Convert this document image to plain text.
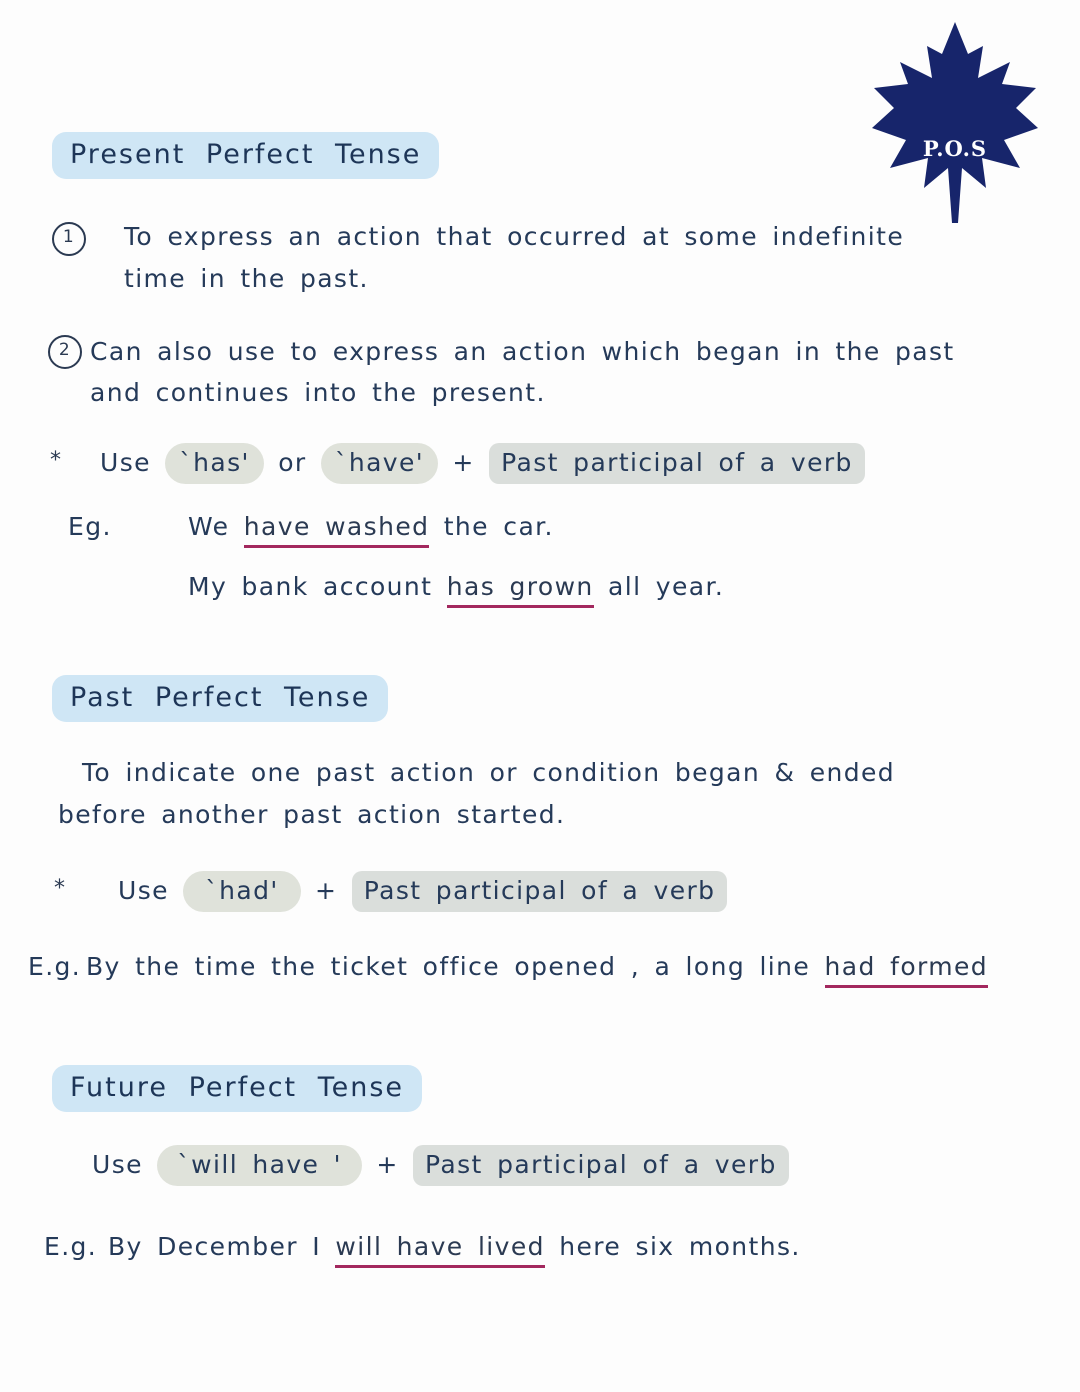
P.O.S
Present Perfect Tense
1	To express an action that occurred at some indefinite
time in the past.
2 Can also use to express an action which began in the past
and continues into the present.
* Use `has' or `have' + Past participal of a verb
Eg.	We have washed the car.
My bank account has grown all year.
Past Perfect Tense
To indicate one past action or condition began & ended
before another past action started.
* Use `had' + Past participal of a verb
E.g. By the time the ticket office opened , a long line had formed
Future Perfect Tense
Use `will have ' + Past participal of a verb
E.g. By December I will have lived here six months.
